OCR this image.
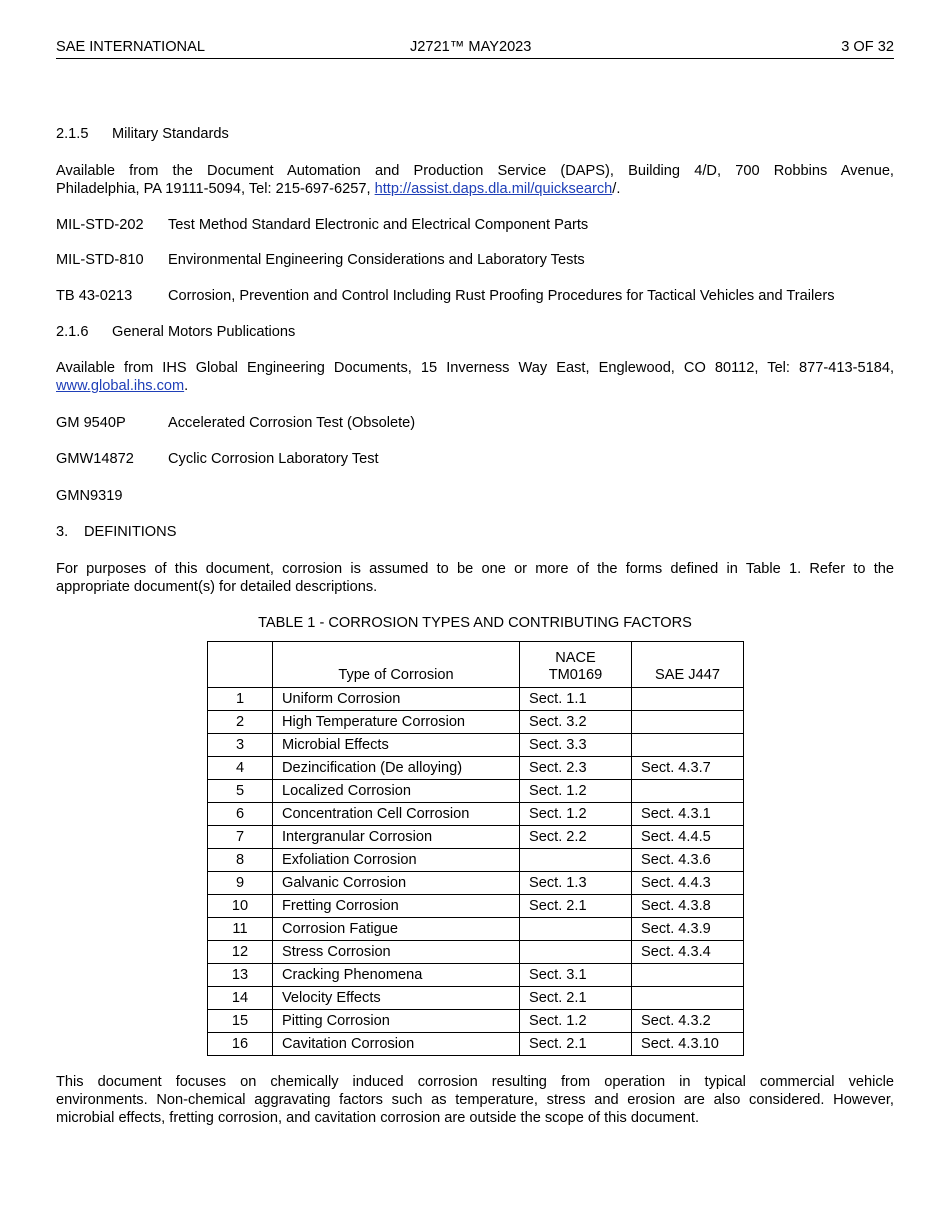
SAE INTERNATIONAL	J2721™ MAY2023	3 OF 32
2.1.5 Military Standards
Available from the Document Automation and Production Service (DAPS), Building 4/D, 700 Robbins Avenue,
Philadelphia, PA 19111-5094, Tel: 215-697-6257, http://assist.daps.dla.mil/quicksearch/.
MIL-STD-202 Test Method Standard Electronic and Electrical Component Parts
MIL-STD-810 Environmental Engineering Considerations and Laboratory Tests
TB 43-0213 Corrosion, Prevention and Control Including Rust Proofing Procedures for Tactical Vehicles and Trailers
2.1.6 General Motors Publications
Available from IHS Global Engineering Documents, 15 Inverness Way East, Englewood, CO 80112, Tel: 877-413-5184,
www.global.ihs.com.
GM 9540P	Accelerated Corrosion Test (Obsolete)
GMW14872 Cyclic Corrosion Laboratory Test
GMN9319
3. DEFINITIONS
For purposes of this document, corrosion is assumed to be one or more of the forms defined in Table 1. Refer to the
appropriate document(s) for detailed descriptions.
TABLE 1 - CORROSION TYPES AND CONTRIBUTING FACTORS
	Type of Corrosion	NACE
TM0169	SAE J447
1	Uniform Corrosion	Sect. 1.1	
2	High Temperature Corrosion	Sect. 3.2	
3	Microbial Effects	Sect. 3.3	
4	Dezincification (De alloying)	Sect. 2.3	Sect. 4.3.7
5	Localized Corrosion	Sect. 1.2	
6	Concentration Cell Corrosion	Sect. 1.2	Sect. 4.3.1
7	Intergranular Corrosion	Sect. 2.2	Sect. 4.4.5
8	Exfoliation Corrosion		Sect. 4.3.6
9	Galvanic Corrosion	Sect. 1.3	Sect. 4.4.3
10	Fretting Corrosion	Sect. 2.1	Sect. 4.3.8
11	Corrosion Fatigue		Sect. 4.3.9
12	Stress Corrosion		Sect. 4.3.4
13	Cracking Phenomena	Sect. 3.1	
14	Velocity Effects	Sect. 2.1	
15	Pitting Corrosion	Sect. 1.2	Sect. 4.3.2
16	Cavitation Corrosion	Sect. 2.1	Sect. 4.3.10
This document focuses on chemically induced corrosion resulting from operation in typical commercial vehicle
environments. Non-chemical aggravating factors such as temperature, stress and erosion are also considered. However,
microbial effects, fretting corrosion, and cavitation corrosion are outside the scope of this document.
